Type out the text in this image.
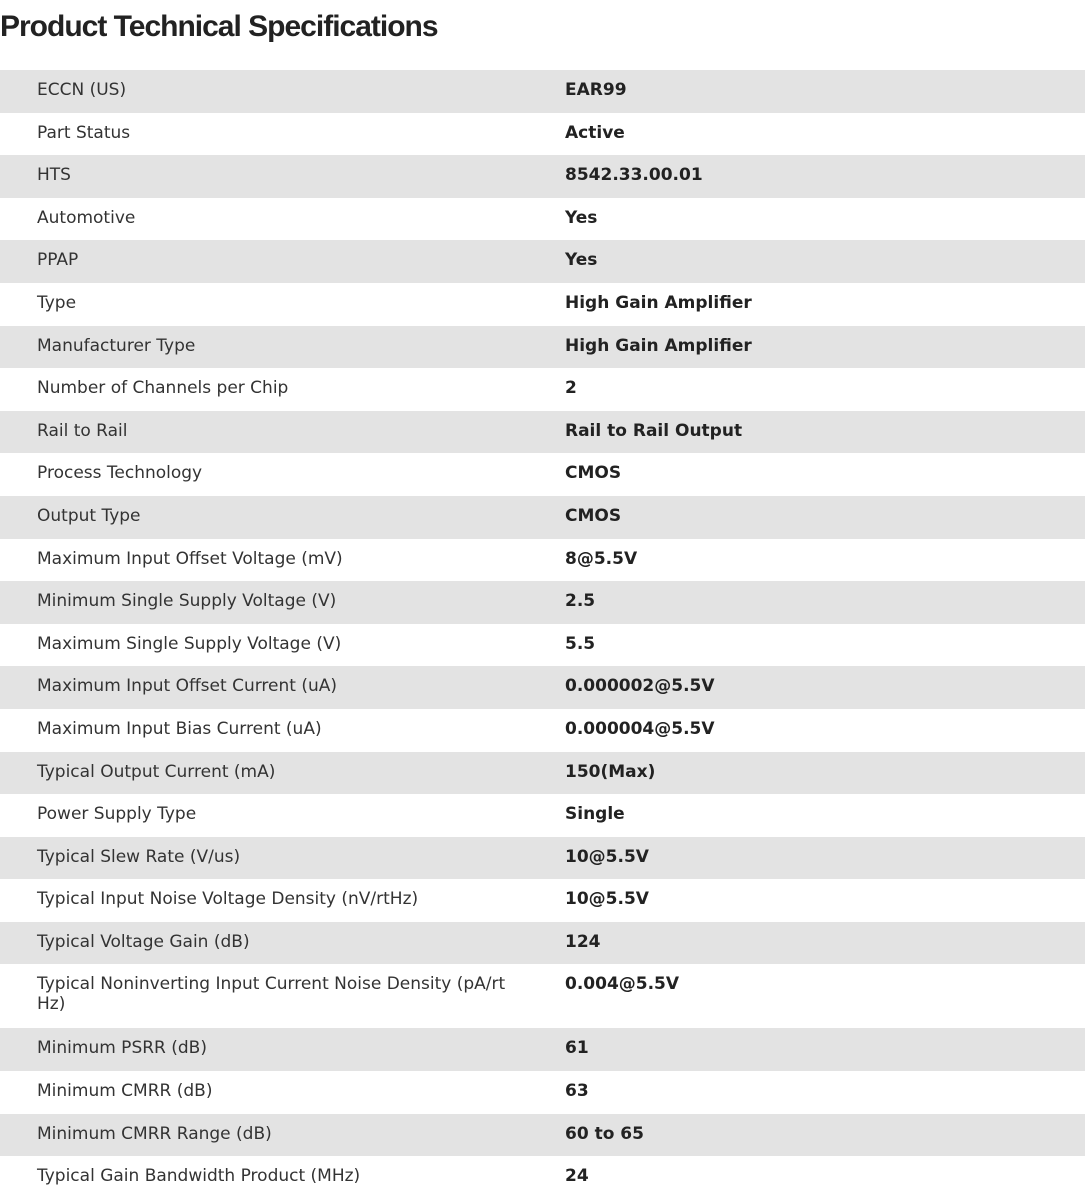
Product Technical Specifications
ECCN (US)	EAR99
Part Status	Active
HTS	8542.33.00.01
Automotive	Yes
PPAP	Yes
Type	High Gain Amplifier
Manufacturer Type	High Gain Amplifier
Number of Channels per Chip	2
Rail to Rail	Rail to Rail Output
Process Technology	CMOS
Output Type	CMOS
Maximum Input Offset Voltage (mV)	8@5.5V
Minimum Single Supply Voltage (V)	2.5
Maximum Single Supply Voltage (V)	5.5
Maximum Input Offset Current (uA)	0.000002@5.5V
Maximum Input Bias Current (uA)	0.000004@5.5V
Typical Output Current (mA)	150(Max)
Power Supply Type	Single
Typical Slew Rate (V/us)	10@5.5V
Typical Input Noise Voltage Density (nV/rtHz)	10@5.5V
Typical Voltage Gain (dB)	124
Typical Noninverting Input Current Noise Density (pA/rtHz)	0.004@5.5V
Minimum PSRR (dB)	61
Minimum CMRR (dB)	63
Minimum CMRR Range (dB)	60 to 65
Typical Gain Bandwidth Product (MHz)	24
